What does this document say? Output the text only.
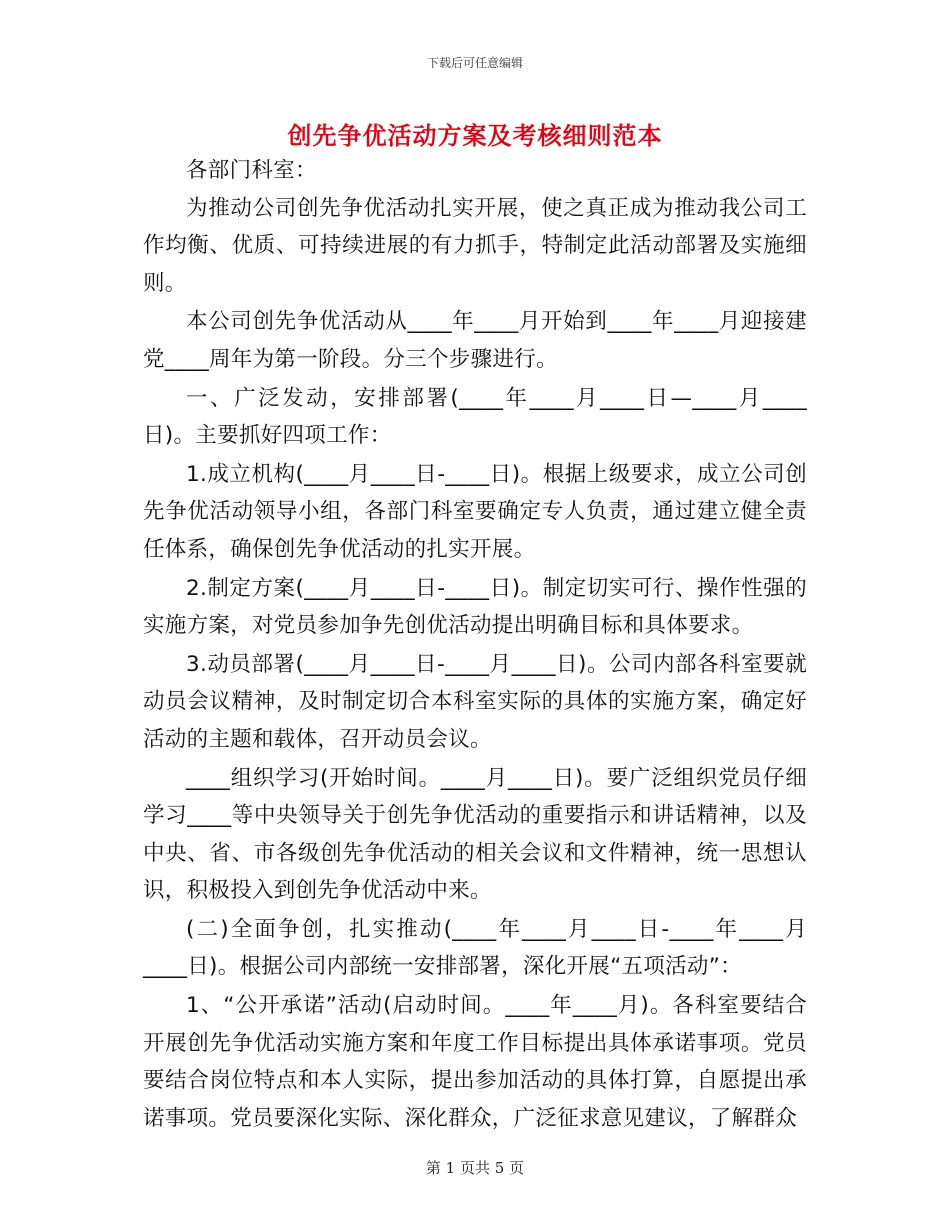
下载后可任意编辑
创先争优活动方案及考核细则范本

各部门科室：

为推动公司创先争优活动扎实开展，使之真正成为推动我公司工作均衡、优质、可持续进展的有力抓手，特制定此活动部署及实施细则。

本公司创先争优活动从____年____月开始到____年____月迎接建党____周年为第一阶段。分三个步骤进行。

一、广泛发动，安排部署(____年____月____日—____月____日)。主要抓好四项工作：

1.成立机构(____月____日-____日)。根据上级要求，成立公司创先争优活动领导小组，各部门科室要确定专人负责，通过建立健全责任体系，确保创先争优活动的扎实开展。

2.制定方案(____月____日-____日)。制定切实可行、操作性强的实施方案，对党员参加争先创优活动提出明确目标和具体要求。

3.动员部署(____月____日-____月____日)。公司内部各科室要就动员会议精神，及时制定切合本科室实际的具体的实施方案，确定好活动的主题和载体，召开动员会议。

____组织学习(开始时间。____月____日)。要广泛组织党员仔细学习____等中央领导关于创先争优活动的重要指示和讲话精神，以及中央、省、市各级创先争优活动的相关会议和文件精神，统一思想认识，积极投入到创先争优活动中来。

(二)全面争创，扎实推动(____年____月____日-____年____月____日)。根据公司内部统一安排部署，深化开展“五项活动”：

1、“公开承诺”活动(启动时间。____年____月)。各科室要结合开展创先争优活动实施方案和年度工作目标提出具体承诺事项。党员要结合岗位特点和本人实际，提出参加活动的具体打算，自愿提出承诺事项。党员要深化实际、深化群众，广泛征求意见建议，了解群众

第 1 页共 5 页
